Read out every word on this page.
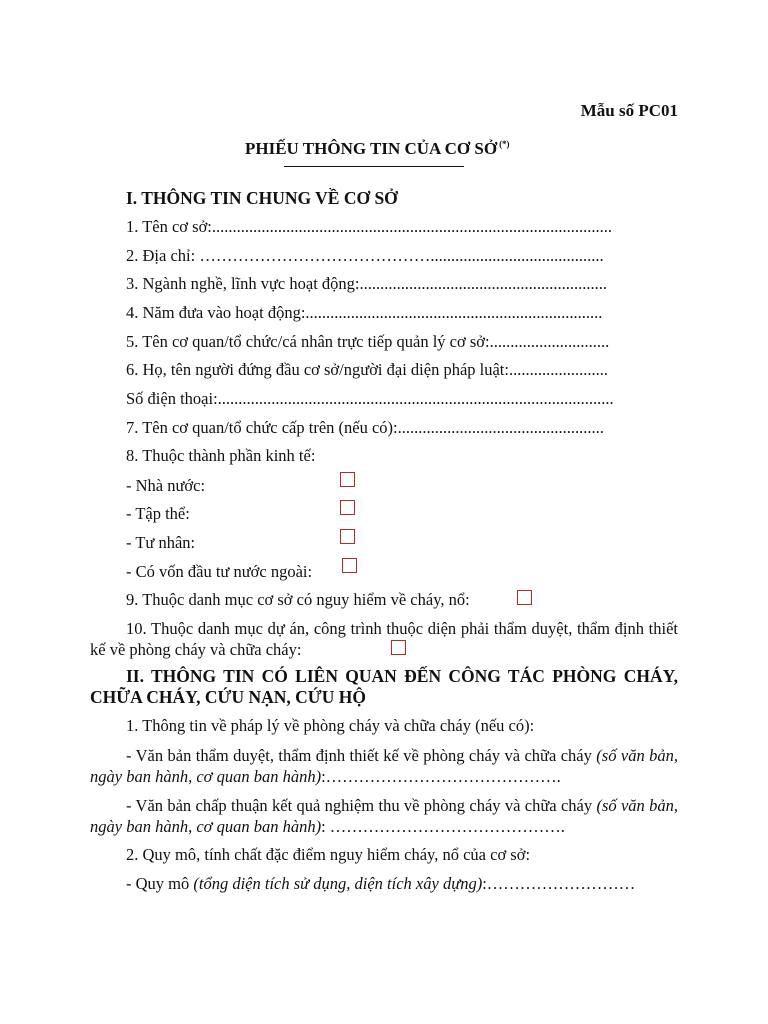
Mẫu số PC01
PHIẾU THÔNG TIN CỦA CƠ SỞ (*)
I. THÔNG TIN CHUNG VỀ CƠ SỞ
1. Tên cơ sở:.................................................................................................
2. Địa chỉ: ……………………………………..........................................
3. Ngành nghề, lĩnh vực hoạt động:............................................................
4. Năm đưa vào hoạt động:........................................................................
5. Tên cơ quan/tổ chức/cá nhân trực tiếp quản lý cơ sở:.............................
6. Họ, tên người đứng đầu cơ sở/người đại diện pháp luật:........................
Số điện thoại:................................................................................................
7. Tên cơ quan/tổ chức cấp trên (nếu có):..................................................
8. Thuộc thành phần kinh tế:
- Nhà nước:
- Tập thể:
- Tư nhân:
- Có vốn đầu tư nước ngoài:
9. Thuộc danh mục cơ sở có nguy hiểm về cháy, nổ:
10. Thuộc danh mục dự án, công trình thuộc diện phải thẩm duyệt, thẩm định thiết kế về phòng cháy và chữa cháy:
II. THÔNG TIN CÓ LIÊN QUAN ĐẾN CÔNG TÁC PHÒNG CHÁY, CHỮA CHÁY, CỨU NẠN, CỨU HỘ
1. Thông tin về pháp lý về phòng cháy và chữa cháy (nếu có):
- Văn bản thẩm duyệt, thẩm định thiết kế về phòng cháy và chữa cháy (số văn bản, ngày ban hành, cơ quan ban hành):…………………………………….
- Văn bản chấp thuận kết quả nghiệm thu về phòng cháy và chữa cháy (số văn bản, ngày ban hành, cơ quan ban hành): …………………………………….
2. Quy mô, tính chất đặc điểm nguy hiểm cháy, nổ của cơ sở:
- Quy mô (tổng diện tích sử dụng, diện tích xây dựng):………………………
